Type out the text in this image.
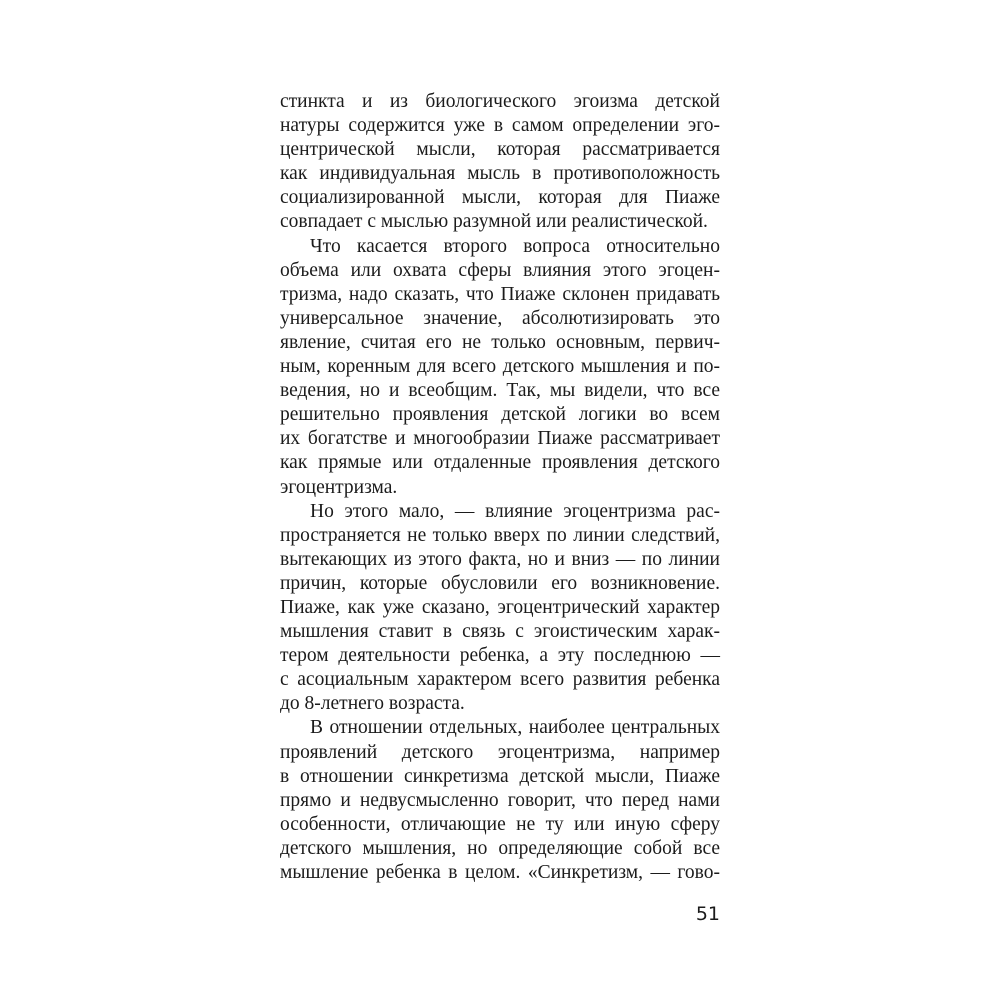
стинкта и из биологического эгоизма детской
натуры содержится уже в самом определении эго-
центрической мысли, которая рассматривается
как индивидуальная мысль в противоположность
социализированной мысли, которая для Пиаже
совпадает с мыслью разумной или реалистической.
Что касается второго вопроса относительно
объема или охвата сферы влияния этого эгоцен-
тризма, надо сказать, что Пиаже склонен придавать
универсальное значение, абсолютизировать это
явление, считая его не только основным, первич-
ным, коренным для всего детского мышления и по-
ведения, но и всеобщим. Так, мы видели, что все
решительно проявления детской логики во всем
их богатстве и многообразии Пиаже рассматривает
как прямые или отдаленные проявления детского
эгоцентризма.
Но этого мало, — влияние эгоцентризма рас-
пространяется не только вверх по линии следствий,
вытекающих из этого факта, но и вниз — по линии
причин, которые обусловили его возникновение.
Пиаже, как уже сказано, эгоцентрический характер
мышления ставит в связь с эгоистическим харак-
тером деятельности ребенка, а эту последнюю —
с асоциальным характером всего развития ребенка
до 8-летнего возраста.
В отношении отдельных, наиболее центральных
проявлений детского эгоцентризма, например
в отношении синкретизма детской мысли, Пиаже
прямо и недвусмысленно говорит, что перед нами
особенности, отличающие не ту или иную сферу
детского мышления, но определяющие собой все
мышление ребенка в целом. «Синкретизм, — гово-
51
